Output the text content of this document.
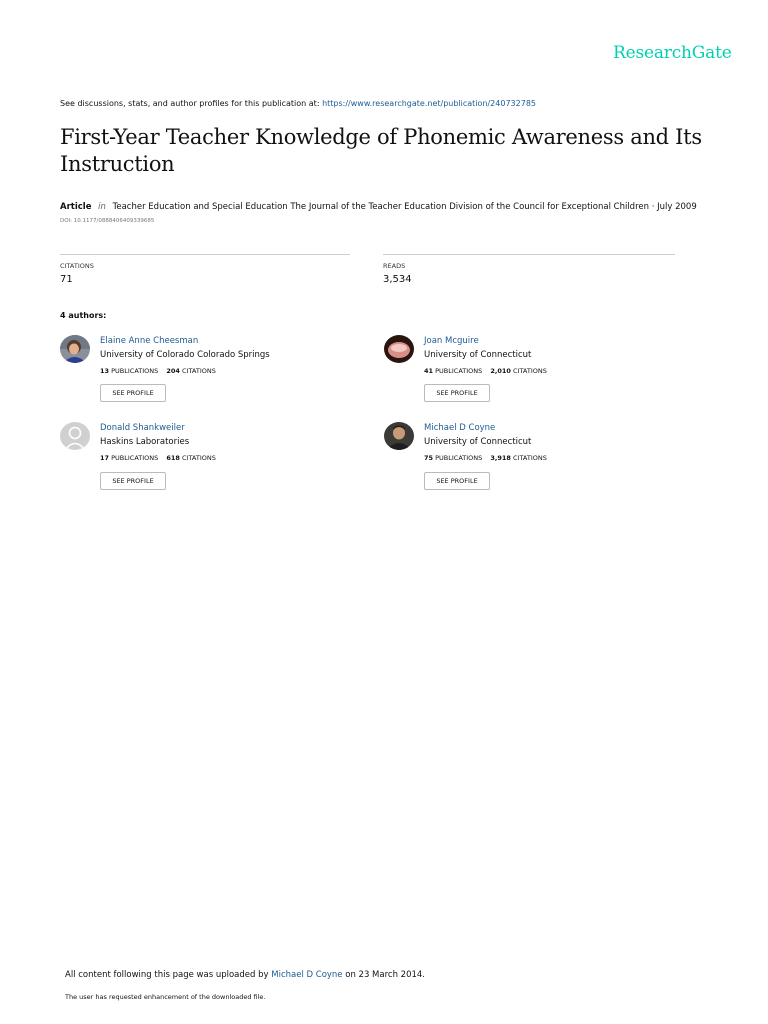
ResearchGate
See discussions, stats, and author profiles for this publication at: https://www.researchgate.net/publication/240732785
First-Year Teacher Knowledge of Phonemic Awareness and Its
Instruction
Article in Teacher Education and Special Education The Journal of the Teacher Education Division of the Council for Exceptional Children · July 2009
DOI: 10.1177/0888406409339685
CITATIONS
71
READS
3,534
4 authors:
Elaine Anne Cheesman
University of Colorado Colorado Springs
13 PUBLICATIONS 204 CITATIONS
SEE PROFILE
Joan Mcguire
University of Connecticut
41 PUBLICATIONS 2,010 CITATIONS
SEE PROFILE
Donald Shankweiler
Haskins Laboratories
17 PUBLICATIONS 618 CITATIONS
SEE PROFILE
Michael D Coyne
University of Connecticut
75 PUBLICATIONS 3,918 CITATIONS
SEE PROFILE
All content following this page was uploaded by Michael D Coyne on 23 March 2014.
The user has requested enhancement of the downloaded file.
